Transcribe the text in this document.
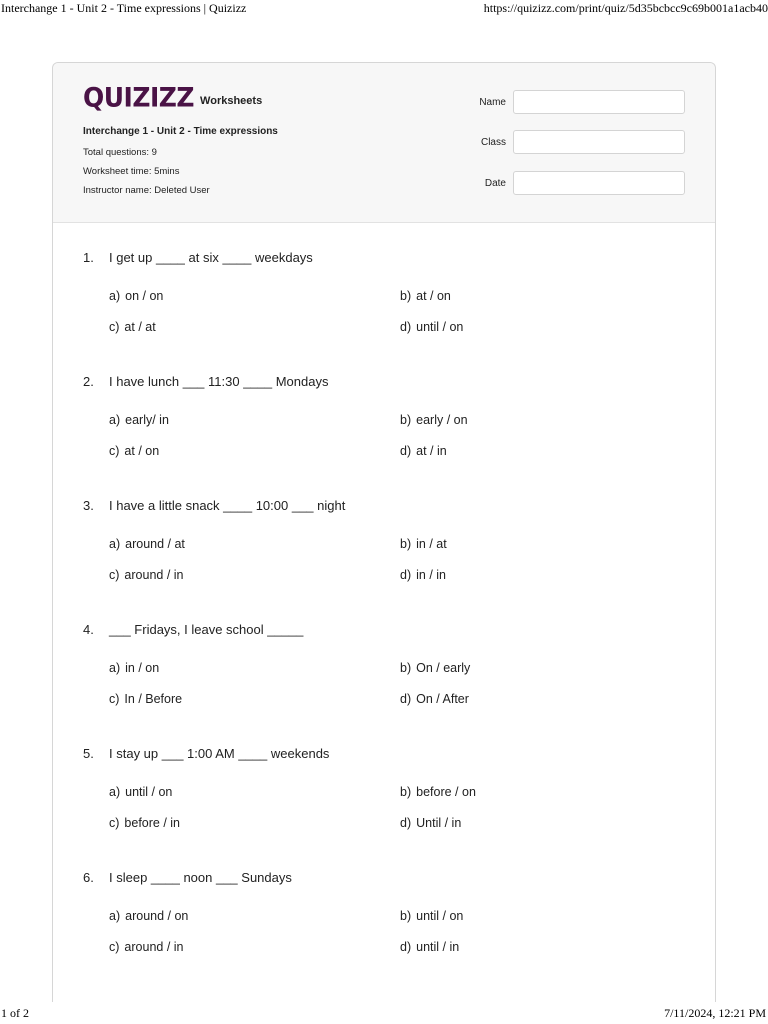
Interchange 1 - Unit 2 - Time expressions | Quizizz	https://quizizz.com/print/quiz/5d35bcbcc9c69b001a1acb40
QUIZIZZ Worksheets
Interchange 1 - Unit 2 - Time expressions
Total questions: 9
Worksheet time: 5mins
Instructor name: Deleted User
Name
Class
Date
1. I get up ____ at six ____ weekdays
a) on / on	b) at / on
c) at / at	d) until / on
2. I have lunch ___ 11:30 ____ Mondays
a) early/ in	b) early / on
c) at / on	d) at / in
3. I have a little snack ____ 10:00 ___ night
a) around / at	b) in / at
c) around / in	d) in / in
4. ___ Fridays, I leave school _____
a) in / on	b) On / early
c) In / Before	d) On / After
5. I stay up ___ 1:00 AM ____ weekends
a) until / on	b) before / on
c) before / in	d) Until / in
6. I sleep ____ noon ___ Sundays
a) around / on	b) until / on
c) around / in	d) until / in
1 of 2	7/11/2024, 12:21 PM
